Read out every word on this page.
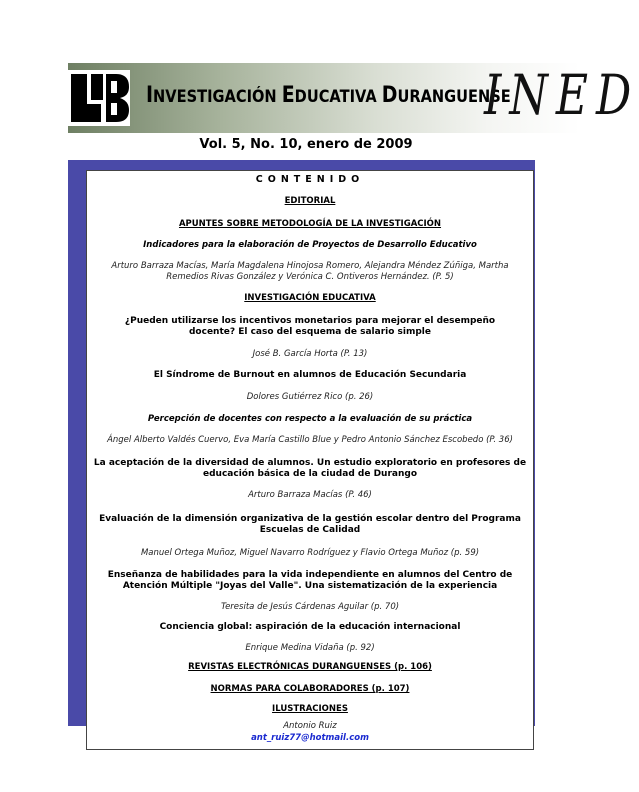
INVESTIGACIÓN EDUCATIVA DURANGUENSE
INED
Vol. 5, No. 10, enero de 2009
CONTENIDO
EDITORIAL
APUNTES SOBRE METODOLOGÍA DE LA INVESTIGACIÓN
Indicadores para la elaboración de Proyectos de Desarrollo Educativo
Arturo Barraza Macías, María Magdalena Hinojosa Romero, Alejandra Méndez Zúñiga, Martha
Remedios Rivas González y Verónica C. Ontiveros Hernández. (P. 5)
INVESTIGACIÓN EDUCATIVA
¿Pueden utilizarse los incentivos monetarios para mejorar el desempeño
docente? El caso del esquema de salario simple
José B. García Horta (P. 13)
El Síndrome de Burnout en alumnos de Educación Secundaria
Dolores Gutiérrez Rico (p. 26)
Percepción de docentes con respecto a la evaluación de su práctica
Ángel Alberto Valdés Cuervo, Eva María Castillo Blue y Pedro Antonio Sánchez Escobedo (P. 36)
La aceptación de la diversidad de alumnos. Un estudio exploratorio en profesores de
educación básica de la ciudad de Durango
Arturo Barraza Macías (P. 46)
Evaluación de la dimensión organizativa de la gestión escolar dentro del Programa
Escuelas de Calidad
Manuel Ortega Muñoz, Miguel Navarro Rodríguez y Flavio Ortega Muñoz (p. 59)
Enseñanza de habilidades para la vida independiente en alumnos del Centro de
Atención Múltiple "Joyas del Valle". Una sistematización de la experiencia
Teresita de Jesús Cárdenas Aguilar (p. 70)
Conciencia global: aspiración de la educación internacional
Enrique Medina Vidaña (p. 92)
REVISTAS ELECTRÓNICAS DURANGUENSES (p. 106)
NORMAS PARA COLABORADORES (p. 107)
ILUSTRACIONES
Antonio Ruiz
ant_ruiz77@hotmail.com
